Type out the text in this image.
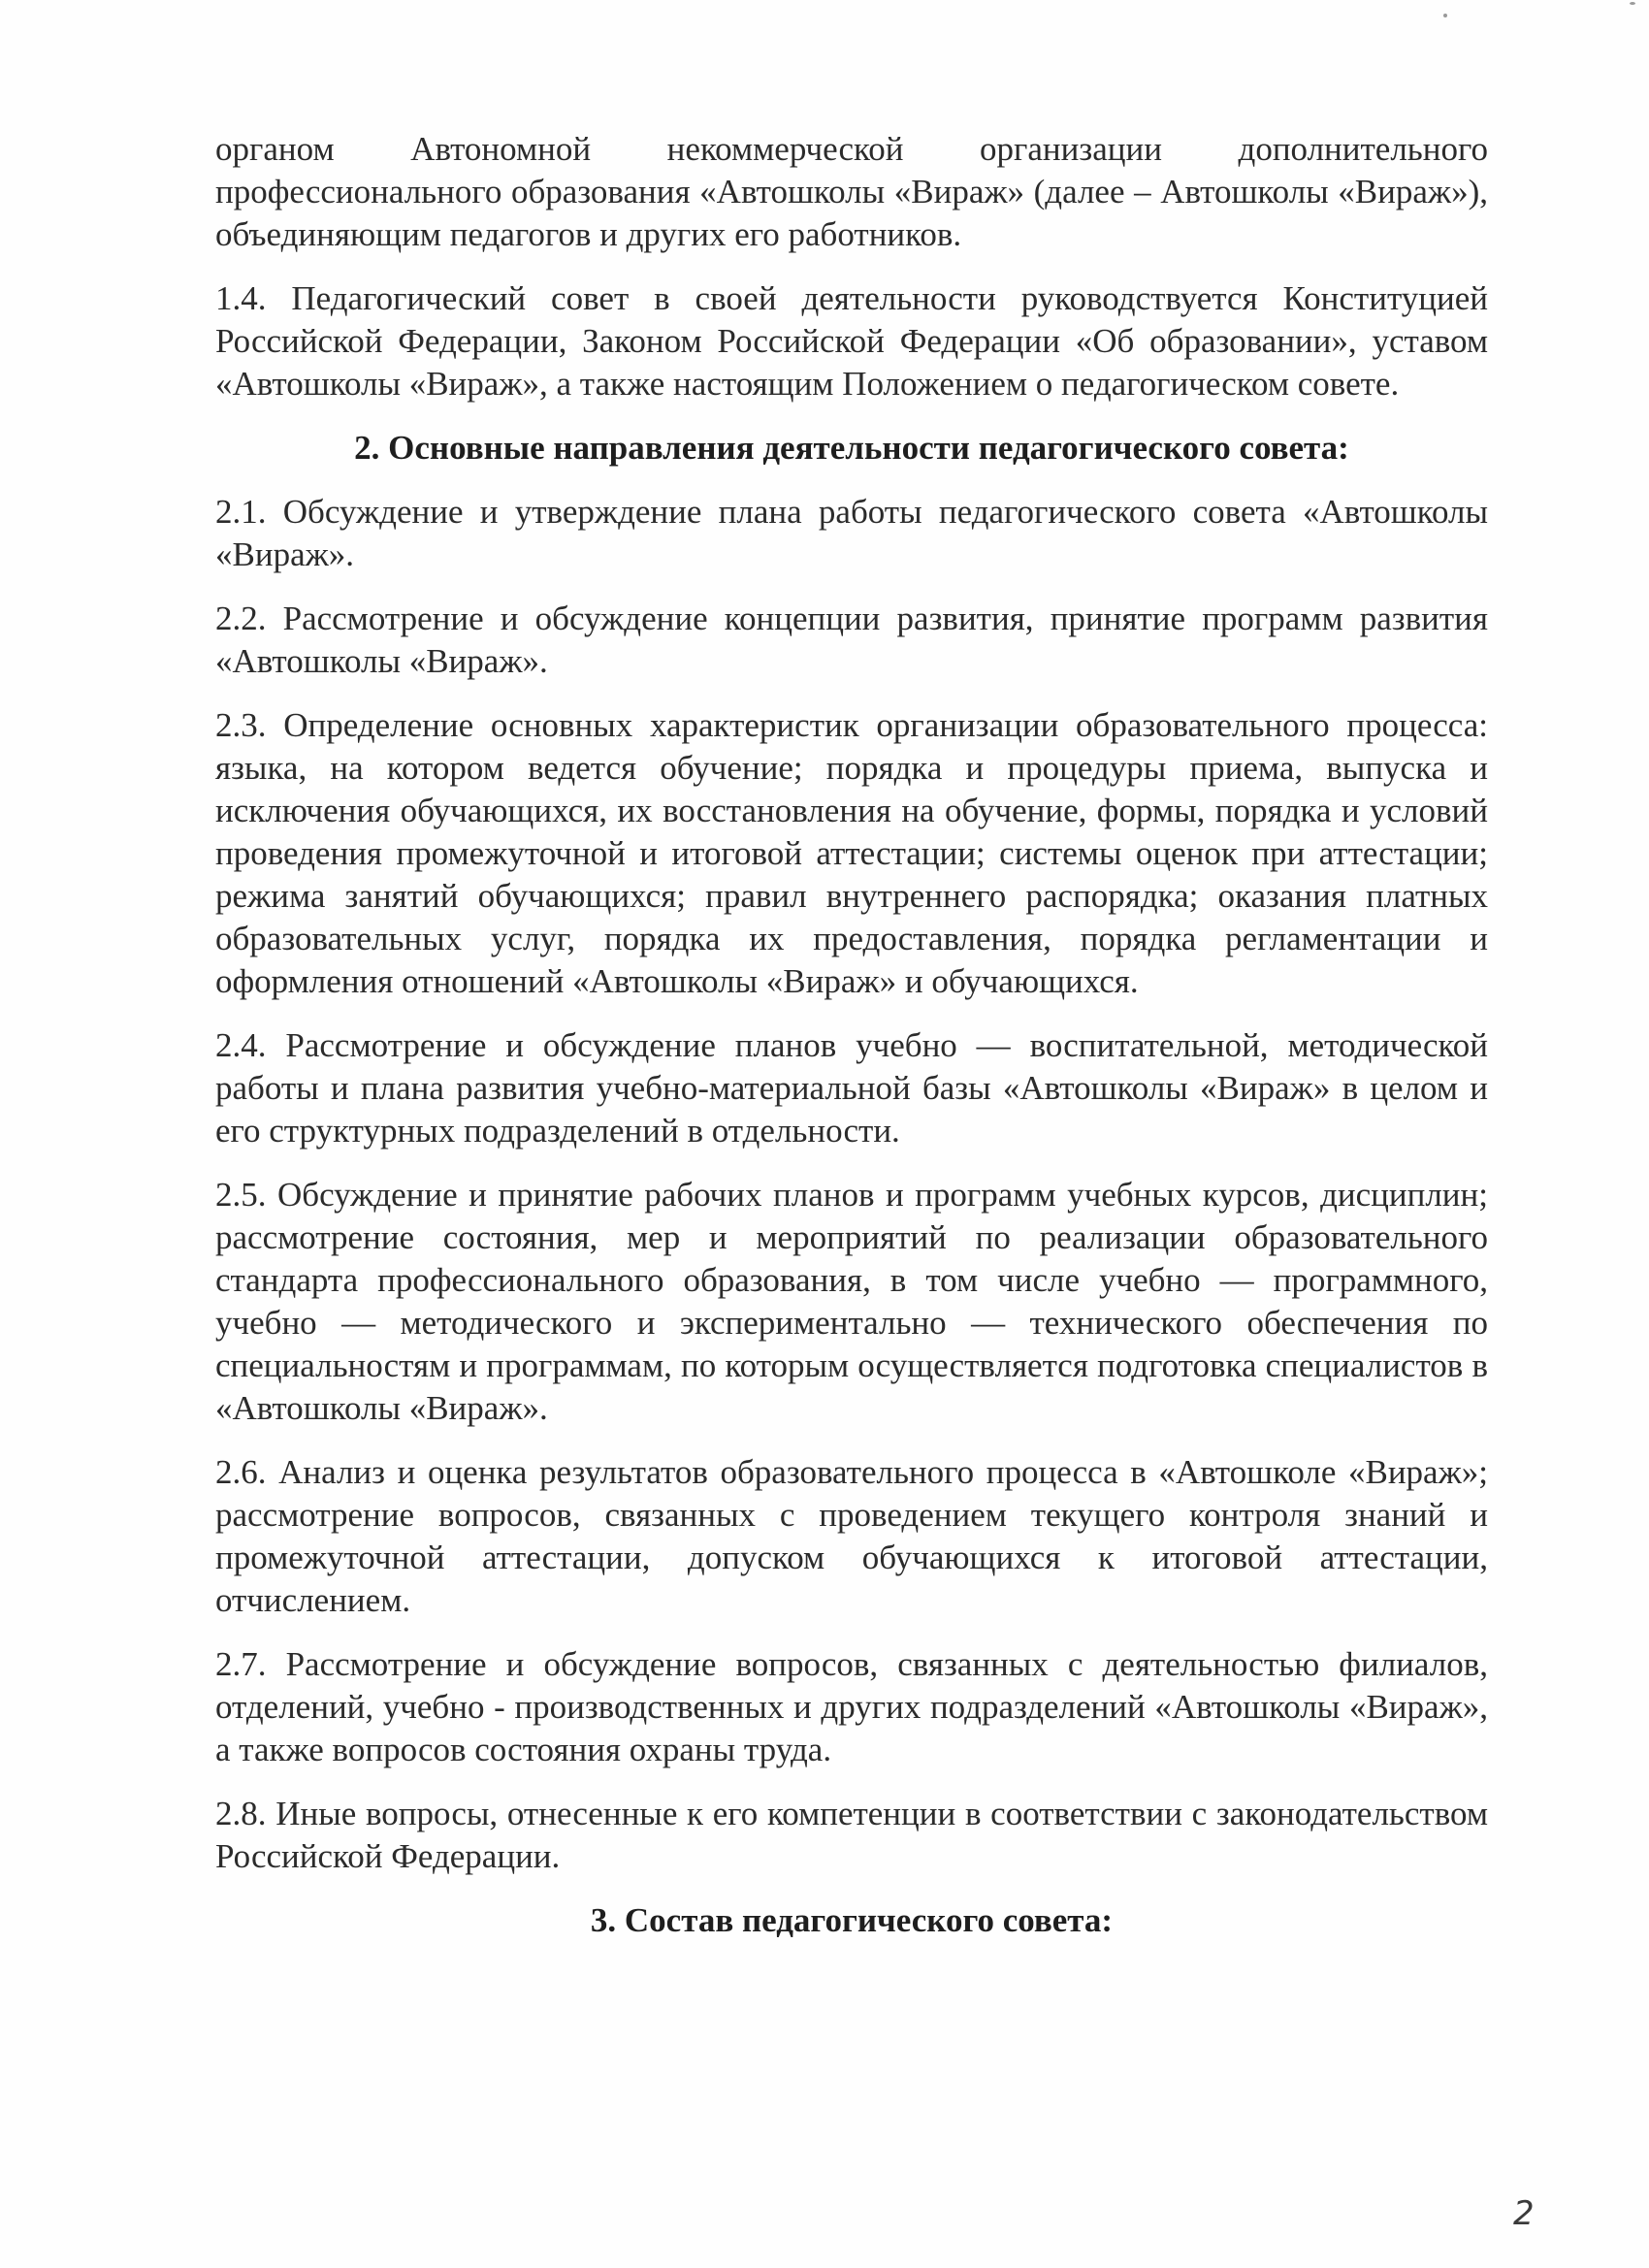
органом Автономной некоммерческой организации дополнительного профессионального образования «Автошколы «Вираж» (далее – Автошколы «Вираж»), объединяющим педагогов и других его работников.

1.4. Педагогический совет в своей деятельности руководствуется Конституцией Российской Федерации, Законом Российской Федерации «Об образовании», уставом «Автошколы «Вираж», а также настоящим Положением о педагогическом совете.

2. Основные направления деятельности педагогического совета:

2.1. Обсуждение и утверждение плана работы педагогического совета «Автошколы «Вираж».

2.2. Рассмотрение и обсуждение концепции развития, принятие программ развития «Автошколы «Вираж».

2.3. Определение основных характеристик организации образовательного процесса: языка, на котором ведется обучение; порядка и процедуры приема, выпуска и исключения обучающихся, их восстановления на обучение, формы, порядка и условий проведения промежуточной и итоговой аттестации; системы оценок при аттестации; режима занятий обучающихся; правил внутреннего распорядка; оказания платных образовательных услуг, порядка их предоставления, порядка регламентации и оформления отношений «Автошколы «Вираж» и обучающихся.

2.4. Рассмотрение и обсуждение планов учебно — воспитательной, методической работы и плана развития учебно-материальной базы «Автошколы «Вираж» в целом и его структурных подразделений в отдельности.

2.5. Обсуждение и принятие рабочих планов и программ учебных курсов, дисциплин; рассмотрение состояния, мер и мероприятий по реализации образовательного стандарта профессионального образования, в том числе учебно — программного, учебно — методического и экспериментально — технического обеспечения по специальностям и программам, по которым осуществляется подготовка специалистов в «Автошколы «Вираж».

2.6. Анализ и оценка результатов образовательного процесса в «Автошколе «Вираж»; рассмотрение вопросов, связанных с проведением текущего контроля знаний и промежуточной аттестации, допуском обучающихся к итоговой аттестации, отчислением.

2.7. Рассмотрение и обсуждение вопросов, связанных с деятельностью филиалов, отделений, учебно - производственных и других подразделений «Автошколы «Вираж», а также вопросов состояния охраны труда.

2.8. Иные вопросы, отнесенные к его компетенции в соответствии с законодательством Российской Федерации.

3. Состав педагогического совета:

2
